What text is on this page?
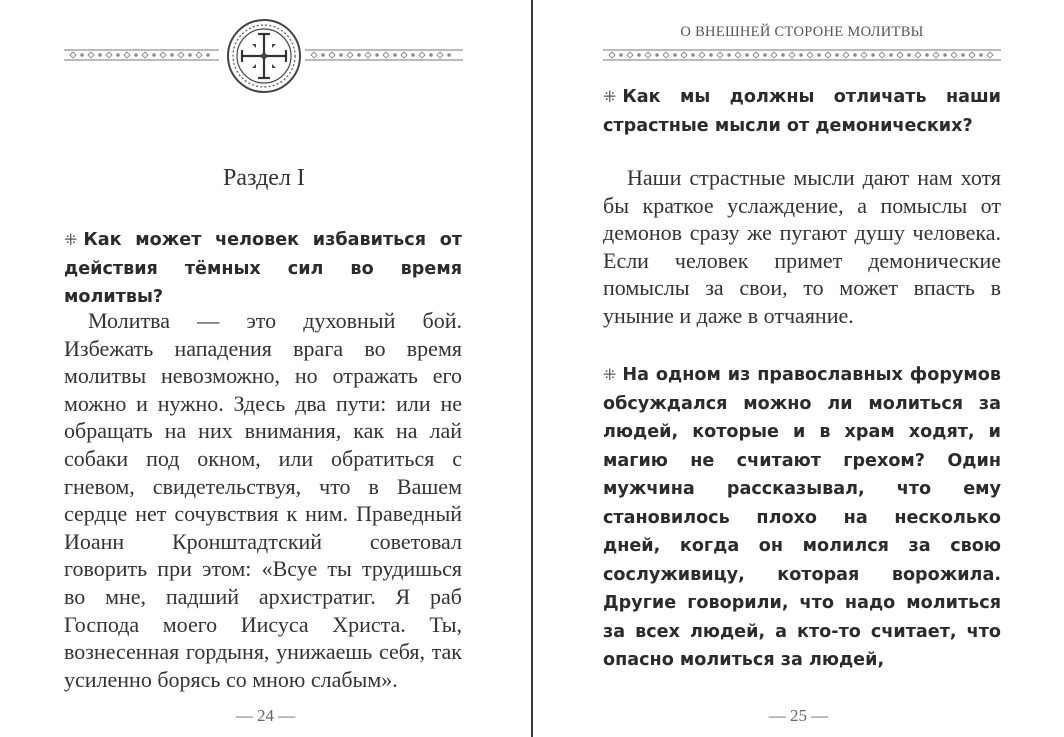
Раздел I
⁜ Как может человек избавиться от действия тёмных сил во время молитвы?

Молитва — это духовный бой. Избежать нападения врага во время молитвы невозможно, но отражать его можно и нужно. Здесь два пути: или не обращать на них внимания, как на лай собаки под окном, или обратиться с гневом, свидетельствуя, что в Вашем сердце нет сочувствия к ним. Праведный Иоанн Кронштадтский советовал говорить при этом: «Всуе ты трудишься во мне, падший архистратиг. Я раб Господа моего Иисуса Христа. Ты, вознесенная гордыня, унижаешь себя, так усиленно борясь со мною слабым».

— 24 —
О ВНЕШНЕЙ СТОРОНЕ МОЛИТВЫ
⁜ Как мы должны отличать наши страстные мысли от демонических?

Наши страстные мысли дают нам хотя бы краткое услаждение, а помыслы от демонов сразу же пугают душу человека. Если человек примет демонические помыслы за свои, то может впасть в уныние и даже в отчаяние.

⁜ На одном из православных форумов обсуждался можно ли молиться за людей, которые и в храм ходят, и магию не считают грехом? Один мужчина рассказывал, что ему становилось плохо на несколько дней, когда он молился за свою сослуживицу, которая ворожила. Другие говорили, что надо молиться за всех людей, а кто-то считает, что опасно молиться за людей,
— 25 —
